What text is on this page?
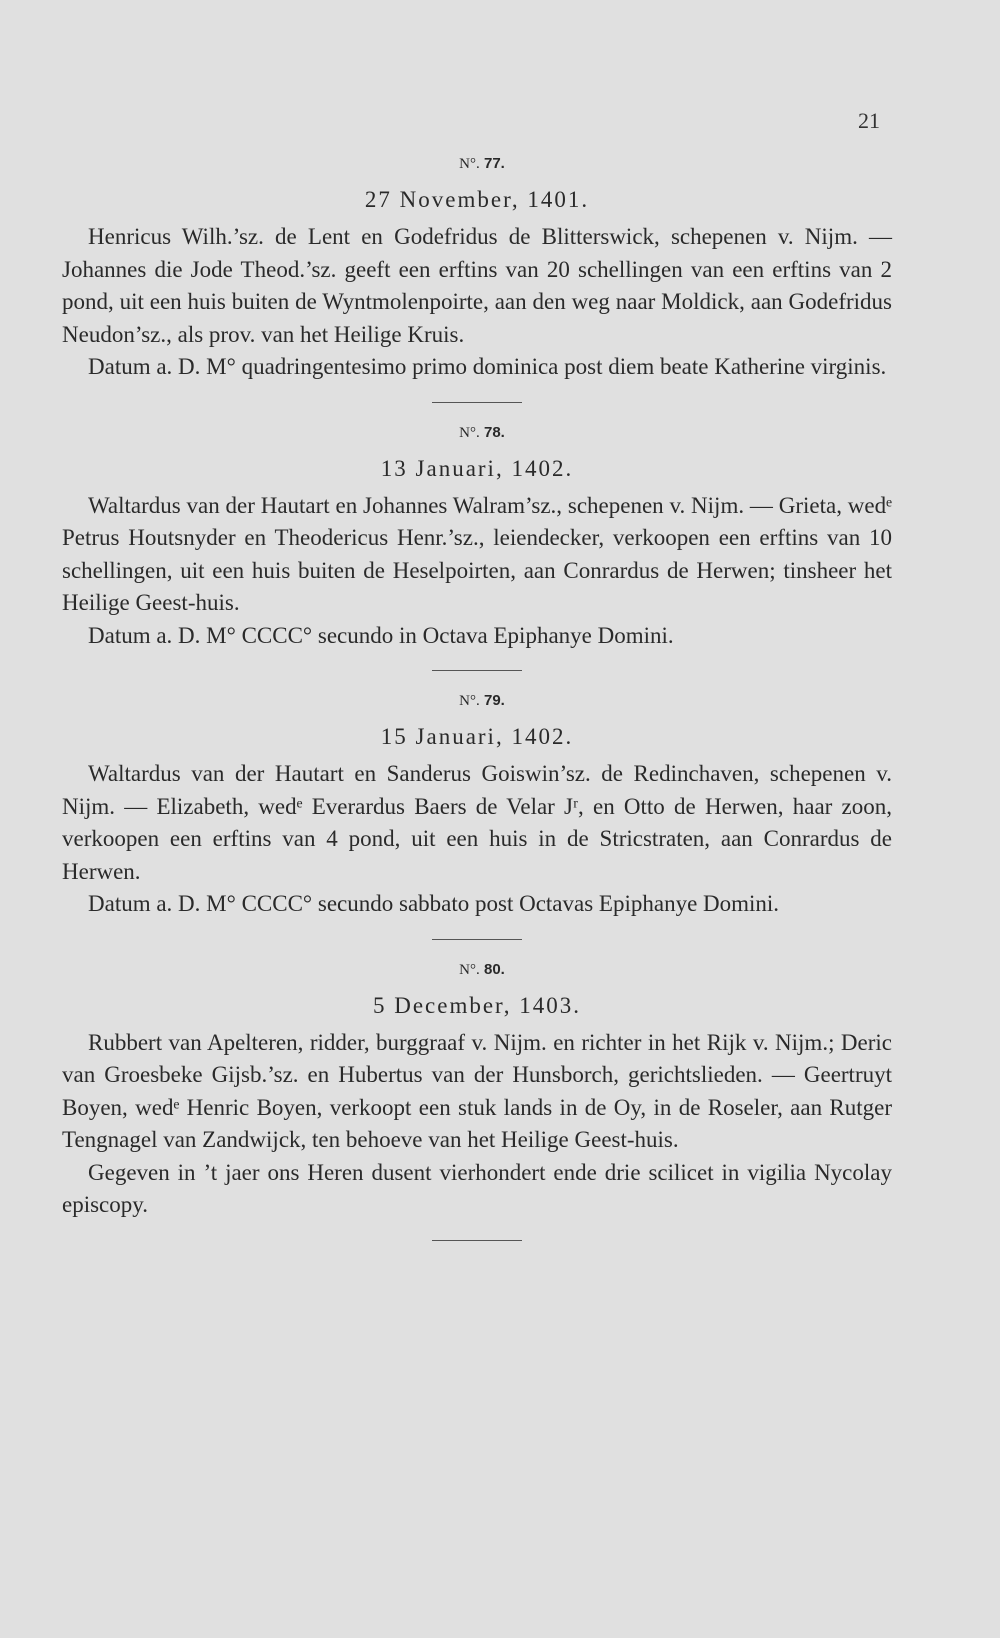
21
N°. 77.
27 November, 1401.

Henricus Wilh.’sz. de Lent en Godefridus de Blitterswick, schepenen v. Nijm. — Johannes die Jode Theod.’sz. geeft een erftins van 20 schellingen van een erftins van 2 pond, uit een huis buiten de Wyntmolenpoirte, aan den weg naar Moldick, aan Godefridus Neudon’sz., als prov. van het Heilige Kruis.

Datum a. D. M° quadringentesimo primo dominica post diem beate Katherine virginis.

N°. 78.
13 Januari, 1402.

Waltardus van der Hautart en Johannes Walram’sz., schepenen v. Nijm. — Grieta, wedᵉ Petrus Houtsnyder en Theodericus Henr.’sz., leiendecker, verkoopen een erftins van 10 schellingen, uit een huis buiten de Heselpoirten, aan Conrardus de Herwen; tinsheer het Heilige Geest-huis.

Datum a. D. M° CCCC° secundo in Octava Epiphanye Domini.

N°. 79.
15 Januari, 1402.

Waltardus van der Hautart en Sanderus Goiswin’sz. de Redinchaven, schepenen v. Nijm. — Elizabeth, wedᵉ Everardus Baers de Velar Jʳ, en Otto de Herwen, haar zoon, verkoopen een erftins van 4 pond, uit een huis in de Stricstraten, aan Conrardus de Herwen.

Datum a. D. M° CCCC° secundo sabbato post Octavas Epiphanye Domini.

N°. 80.
5 December, 1403.

Rubbert van Apelteren, ridder, burggraaf v. Nijm. en richter in het Rijk v. Nijm.; Deric van Groesbeke Gijsb.’sz. en Hubertus van der Hunsborch, gerichtslieden. — Geertruyt Boyen, wedᵉ Henric Boyen, verkoopt een stuk lands in de Oy, in de Roseler, aan Rutger Tengnagel van Zandwijck, ten behoeve van het Heilige Geest-huis.

Gegeven in ’t jaer ons Heren dusent vierhondert ende drie scilicet in vigilia Nycolay episcopy.
